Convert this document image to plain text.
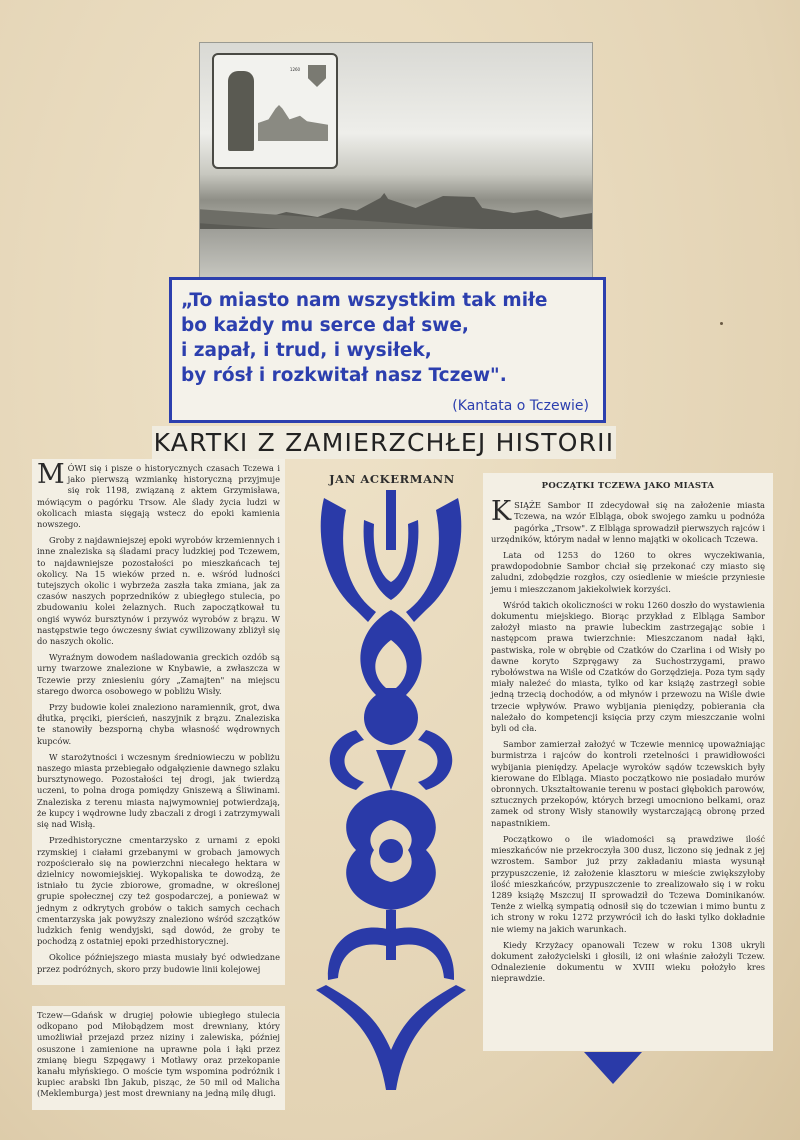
1260
„To miasto nam wszystkim tak miłe
bo każdy mu serce dał swe,
i zapał, i trud, i wysiłek,
by rósł i rozkwitał nasz Tczew".
(Kantata o Tczewie)
KARTKI Z ZAMIERZCHŁEJ HISTORII

MÓWI się i pisze o historycznych czasach Tczewa i jako pierwszą wzmiankę historyczną przyjmuje się rok 1198, związaną z aktem Grzymisława, mówiącym o pagórku Trsow. Ale ślady życia ludzi w okolicach miasta sięgają wstecz do epoki kamienia nowszego.

Groby z najdawniejszej epoki wyrobów krzemiennych i inne znaleziska są śladami pracy ludzkiej pod Tczewem, to najdawniejsze pozostałości po mieszkańcach tej okolicy. Na 15 wieków przed n. e. wśród ludności tutejszych okolic i wybrzeża zaszła taka zmiana, jak za czasów naszych poprzedników z ubiegłego stulecia, po zbudowaniu kolei żelaznych. Ruch zapoczątkował tu ongiś wywóz bursztynów i przywóz wyrobów z brązu. W następstwie tego ówczesny świat cywilizowany zbliżył się do naszych okolic.

Wyraźnym dowodem naśladowania greckich ozdób są urny twarzowe znalezione w Knybawie, a zwłaszcza w Tczewie przy zniesieniu góry „Zamajten" na miejscu starego dworca osobowego w pobliżu Wisły.

Przy budowie kolei znaleziono naramiennik, grot, dwa dłutka, pręciki, pierścień, naszyjnik z brązu. Znaleziska te stanowiły bezsporną chyba własność wędrownych kupców.

W starożytności i wczesnym średniowieczu w pobliżu naszego miasta przebiegało odgałęzienie dawnego szlaku bursztynowego. Pozostałości tej drogi, jak twierdzą uczeni, to polna droga pomiędzy Gniszewą a Śliwinami. Znaleziska z terenu miasta najwymowniej potwierdzają, że kupcy i wędrowne ludy zbaczali z drogi i zatrzymywali się nad Wisłą.

Przedhistoryczne cmentarzysko z urnami z epoki rzymskiej i ciałami grzebanymi w grobach jamowych rozpościerało się na powierzchni niecałego hektara w dzielnicy nowomiejskiej. Wykopaliska te dowodzą, że istniało tu życie zbiorowe, gromadne, w określonej grupie społecznej czy też gospodarczej, a ponieważ w jednym z odkrytych grobów o takich samych cechach cmentarzyska jak powyższy znaleziono wśród szczątków ludzkich fenig wendyjski, sąd dowód, że groby te pochodzą z ostatniej epoki przedhistorycznej.

Okolice późniejszego miasta musiały być odwiedzane przez podróżnych, skoro przy budowie linii kolejowej

Tczew—Gdańsk w drugiej połowie ubiegłego stulecia odkopano pod Miłobądzem most drewniany, który umożliwiał przejazd przez niziny i zalewiska, później osuszone i zamienione na uprawne pola i łąki przez zmianę biegu Szpęgawy i Motławy oraz przekopanie kanału młyńskiego. O moście tym wspomina podróżnik i kupiec arabski Ibn Jakub, pisząc, że 50 mil od Malicha (Meklemburga) jest most drewniany na jedną milę długi.

JAN ACKERMANN	POCZĄTKI TCZEWA JAKO MIASTA

KSIĄŻE Sambor II zdecydował się na założenie miasta Tczewa, na wzór Elbląga, obok swojego zamku u podnóża pagórka „Trsow". Z Elbląga sprowadził pierwszych rajców i urzędników, którym nadał w lenno majątki w okolicach Tczewa.

Lata od 1253 do 1260 to okres wyczekiwania, prawdopodobnie Sambor chciał się przekonać czy miasto się zaludni, zdobędzie rozgłos, czy osiedlenie w mieście przyniesie jemu i mieszczanom jakiekolwiek korzyści.

Wśród takich okoliczności w roku 1260 doszło do wystawienia dokumentu miejskiego. Biorąc przykład z Elbląga Sambor założył miasto na prawie lubeckim zastrzegając sobie i następcom prawa twierzchnie: Mieszczanom nadał łąki, pastwiska, role w obrębie od Czatków do Czarlina i od Wisły po dawne koryto Szpręgawy za Suchostrzygami, prawo rybołówstwa na Wiśle od Czatków do Gorzędzieja. Poza tym sądy miały należeć do miasta, tylko od kar książę zastrzegł sobie jedną trzecią dochodów, a od młynów i przewozu na Wiśle dwie trzecie wpływów. Prawo wybijania pieniędzy, pobierania cła należało do kompetencji księcia przy czym mieszczanie wolni byli od cła.

Sambor zamierzał założyć w Tczewie mennicę upoważniając burmistrza i rajców do kontroli rzetelności i prawidłowości wybijania pieniędzy. Apelacje wyroków sądów tczewskich były kierowane do Elbląga. Miasto początkowo nie posiadało murów obronnych. Ukształtowanie terenu w postaci głębokich parowów, sztucznych przekopów, których brzegi umocniono belkami, oraz zamek od strony Wisły stanowiły wystarczającą obronę przed napastnikiem.

Początkowo o ile wiadomości są prawdziwe ilość mieszkańców nie przekroczyła 300 dusz, liczono się jednak z jej wzrostem. Sambor już przy zakładaniu miasta wysunął przypuszczenie, iż założenie klasztoru w mieście zwiększyłoby ilość mieszkańców, przypuszczenie to zrealizowało się i w roku 1289 książę Mszczuj II sprowadził do Tczewa Dominikanów. Tenże z wielką sympatią odnosił się do tczewian i mimo buntu z ich strony w roku 1272 przywrócił ich do łaski tylko dokładnie nie wiemy na jakich warunkach.

Kiedy Krzyżacy opanowali Tczew w roku 1308 ukryli dokument założycielski i głosili, iż oni właśnie założyli Tczew. Odnalezienie dokumentu w XVIII wieku położyło kres nieprawdzie.
